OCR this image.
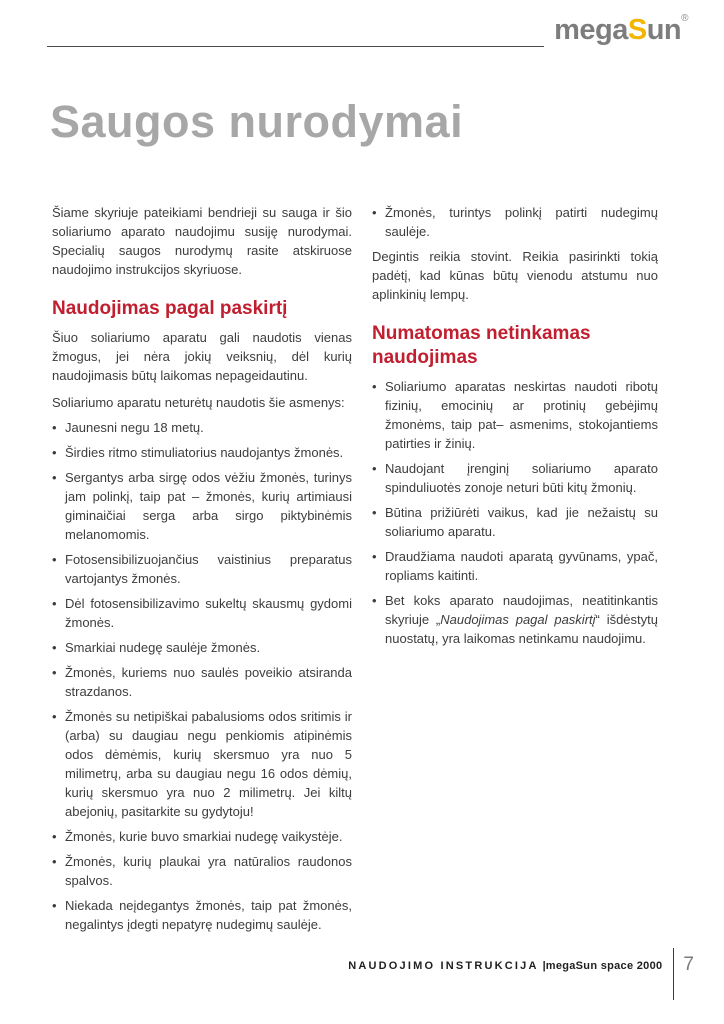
megaSun®
Saugos nurodymai

Šiame skyriuje pateikiami bendrieji su sauga ir šio soliariumo aparato naudojimu susiję nurodymai. Specialių saugos nurodymų rasite atskiruose naudojimo instrukcijos skyriuose.

Naudojimas pagal paskirtį

Šiuo soliariumo aparatu gali naudotis vienas žmogus, jei nėra jokių veiksnių, dėl kurių naudojimasis būtų laikomas nepageidautinu.

Soliariumo aparatu neturėtų naudotis šie asmenys:

• Jaunesni negu 18 metų.
• Širdies ritmo stimuliatorius naudojantys žmonės.
• Sergantys arba sirgę odos vėžiu žmonės, turinys jam polinkį, taip pat – žmonės, kurių artimiausi giminaičiai serga arba sirgo piktybinėmis melanomomis.
• Fotosensibilizuojančius vaistinius preparatus vartojantys žmonės.
• Dėl fotosensibilizavimo sukeltų skausmų gydomi žmonės.
• Smarkiai nudegę saulėje žmonės.
• Žmonės, kuriems nuo saulės poveikio atsiranda strazdanos.
• Žmonės su netipiškai pabalusioms odos sritimis ir (arba) su daugiau negu penkiomis atipinėmis odos dėmėmis, kurių skersmuo yra nuo 5 milimetrų, arba su daugiau negu 16 odos dėmių, kurių skersmuo yra nuo 2 milimetrų. Jei kiltų abejonių, pasitarkite su gydytoju!
• Žmonės, kurie buvo smarkiai nudegę vaikystėje.
• Žmonės, kurių plaukai yra natūralios raudonos spalvos.
• Niekada neįdegantys žmonės, taip pat žmonės, negalintys įdegti nepatyrę nudegimų saulėje.
• Žmonės, turintys polinkį patirti nudegimų saulėje.

Degintis reikia stovint. Reikia pasirinkti tokią padėtį, kad kūnas būtų vienodu atstumu nuo aplinkinių lempų.

Numatomas netinkamas naudojimas
• Soliariumo aparatas neskirtas naudoti ribotų fizinių, emocinių ar protinių gebėjimų žmonėms, taip pat– asmenims, stokojantiems patirties ir žinių.
• Naudojant įrenginį soliariumo aparato spinduliuotės zonoje neturi būti kitų žmonių.
• Būtina prižiūrėti vaikus, kad jie nežaistų su soliariumo aparatu.
• Draudžiama naudoti aparatą gyvūnams, ypač, ropliams kaitinti.
• Bet koks aparato naudojimas, neatitinkantis skyriuje „Naudojimas pagal paskirtį“ išdėstytų nuostatų, yra laikomas netinkamu naudojimu.
NAUDOJIMO INSTRUKCIJA |megaSun space 2000 7
